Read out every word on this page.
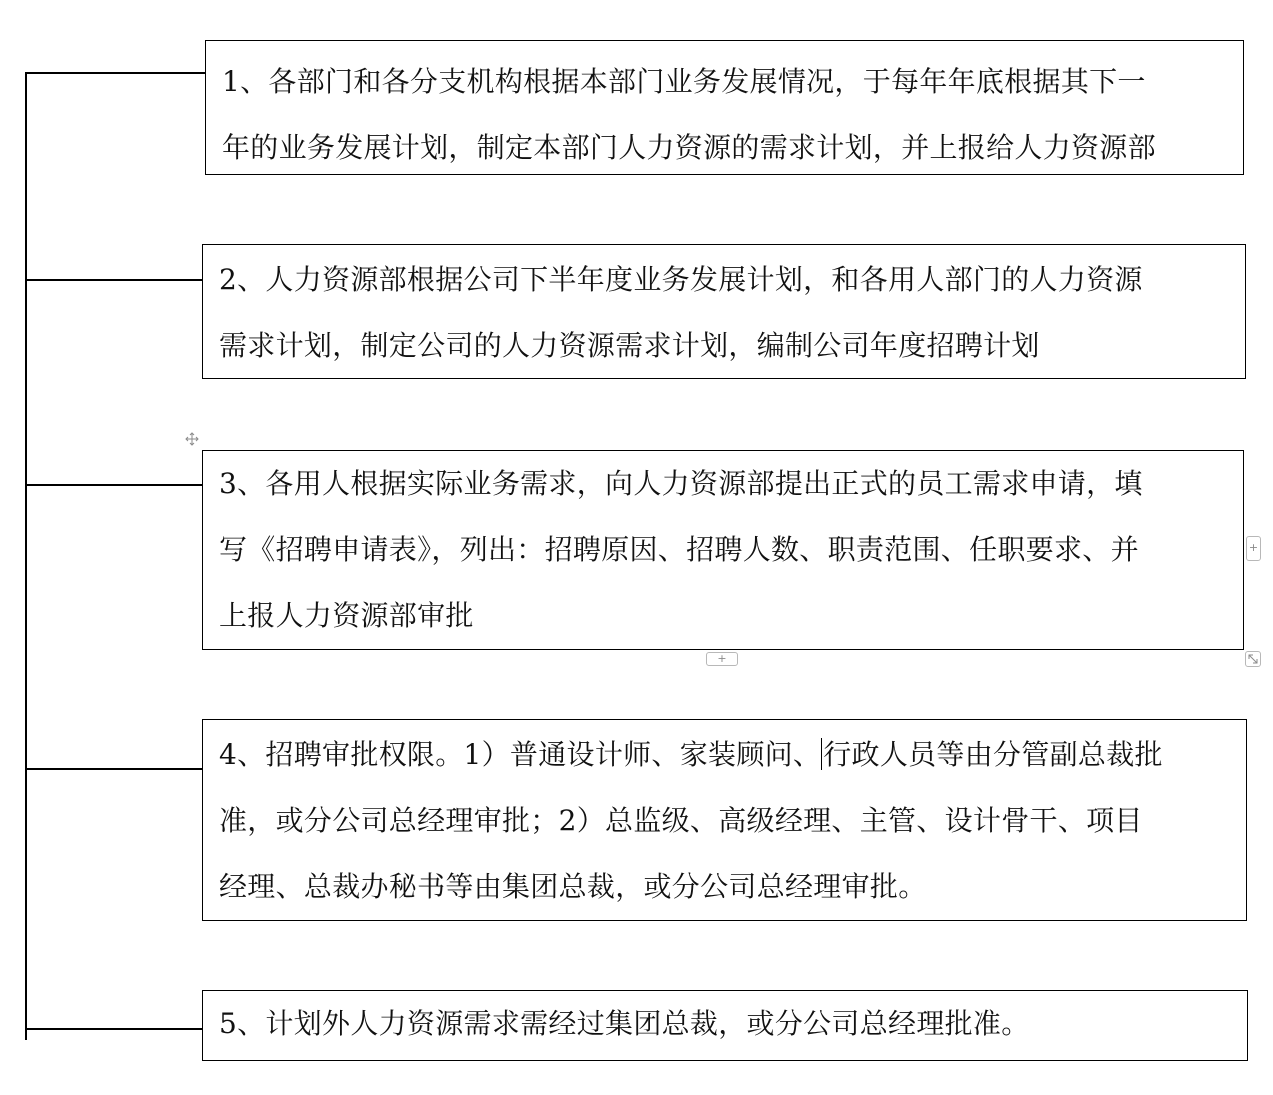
1、各部门和各分支机构根据本部门业务发展情况，于每年年底根据其下一

年的业务发展计划，制定本部门人力资源的需求计划，并上报给人力资源部

2、人力资源部根据公司下半年度业务发展计划，和各用人部门的人力资源

需求计划，制定公司的人力资源需求计划，编制公司年度招聘计划

3、各用人根据实际业务需求，向人力资源部提出正式的员工需求申请，填

写《招聘申请表》，列出：招聘原因、招聘人数、职责范围、任职要求、并

上报人力资源部审批

+
+

4、招聘审批权限。1）普通设计师、家装顾问、行政人员等由分管副总裁批

准，或分公司总经理审批；2）总监级、高级经理、主管、设计骨干、项目

经理、总裁办秘书等由集团总裁，或分公司总经理审批。

5、计划外人力资源需求需经过集团总裁，或分公司总经理批准。
